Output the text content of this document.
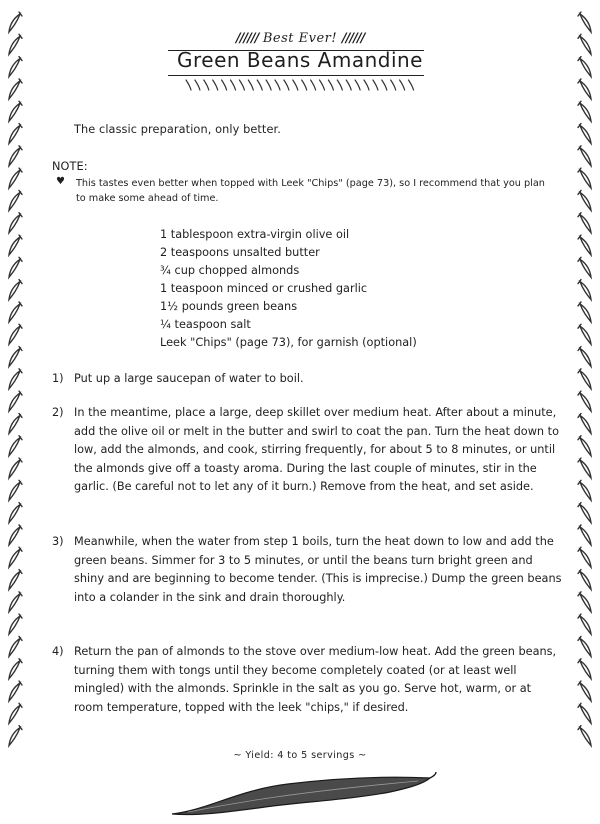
////// Best Ever! //////
Green Beans Amandine
The classic preparation, only better.
NOTE:
♥ This tastes even better when topped with Leek "Chips" (page 73), so I recommend that you plan to make some ahead of time.
1 tablespoon extra-virgin olive oil
2 teaspoons unsalted butter
¾ cup chopped almonds
1 teaspoon minced or crushed garlic
1½ pounds green beans
¼ teaspoon salt
Leek "Chips" (page 73), for garnish (optional)
1) Put up a large saucepan of water to boil.
2) In the meantime, place a large, deep skillet over medium heat. After about a minute, add the olive oil or melt in the butter and swirl to coat the pan. Turn the heat down to low, add the almonds, and cook, stirring frequently, for about 5 to 8 minutes, or until the almonds give off a toasty aroma. During the last couple of minutes, stir in the garlic. (Be careful not to let any of it burn.) Remove from the heat, and set aside.
3) Meanwhile, when the water from step 1 boils, turn the heat down to low and add the green beans. Simmer for 3 to 5 minutes, or until the beans turn bright green and shiny and are beginning to become tender. (This is imprecise.) Dump the green beans into a colander in the sink and drain thoroughly.
4) Return the pan of almonds to the stove over medium-low heat. Add the green beans, turning them with tongs until they become completely coated (or at least well mingled) with the almonds. Sprinkle in the salt as you go. Serve hot, warm, or at room temperature, topped with the leek "chips," if desired.
~ Yield: 4 to 5 servings ~
